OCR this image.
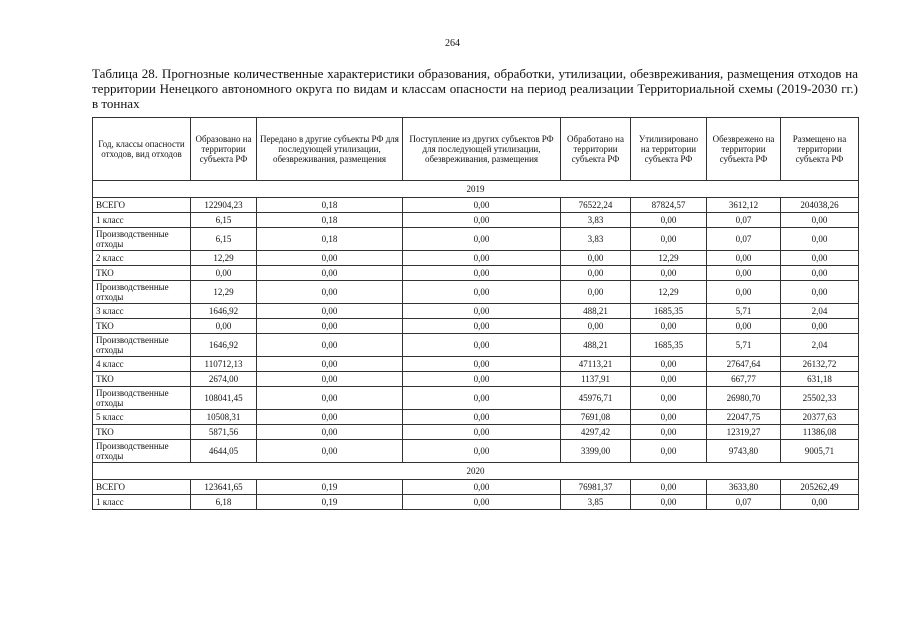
264
Таблица 28. Прогнозные количественные характеристики образования, обработки, утилизации, обезвреживания, размещения отходов на территории Ненецкого автономного округа по видам и классам опасности на период реализации Территориальной схемы (2019-2030 гг.) в тоннах
Год, классы опасности отходов, вид отходов	Образовано на территории субъекта РФ	Передано в другие субъекты РФ для последующей утилизации, обезвреживания, размещения	Поступление из других субъектов РФ для последующей утилизации, обезвреживания, размещения	Обработано на территории субъекта РФ	Утилизировано на территории субъекта РФ	Обезврежено на территории субъекта РФ	Размещено на территории субъекта РФ
2019							
ВСЕГО	122904,23	0,18	0,00	76522,24	87824,57	3612,12	204038,26
1 класс	6,15	0,18	0,00	3,83	0,00	0,07	0,00
Производственные отходы	6,15	0,18	0,00	3,83	0,00	0,07	0,00
2 класс	12,29	0,00	0,00	0,00	12,29	0,00	0,00
ТКО	0,00	0,00	0,00	0,00	0,00	0,00	0,00
Производственные отходы	12,29	0,00	0,00	0,00	12,29	0,00	0,00
3 класс	1646,92	0,00	0,00	488,21	1685,35	5,71	2,04
ТКО	0,00	0,00	0,00	0,00	0,00	0,00	0,00
Производственные отходы	1646,92	0,00	0,00	488,21	1685,35	5,71	2,04
4 класс	110712,13	0,00	0,00	47113,21	0,00	27647,64	26132,72
ТКО	2674,00	0,00	0,00	1137,91	0,00	667,77	631,18
Производственные отходы	108041,45	0,00	0,00	45976,71	0,00	26980,70	25502,33
5 класс	10508,31	0,00	0,00	7691,08	0,00	22047,75	20377,63
ТКО	5871,56	0,00	0,00	4297,42	0,00	12319,27	11386,08
Производственные отходы	4644,05	0,00	0,00	3399,00	0,00	9743,80	9005,71
2020							
ВСЕГО	123641,65	0,19	0,00	76981,37	0,00	3633,80	205262,49
1 класс	6,18	0,19	0,00	3,85	0,00	0,07	0,00
